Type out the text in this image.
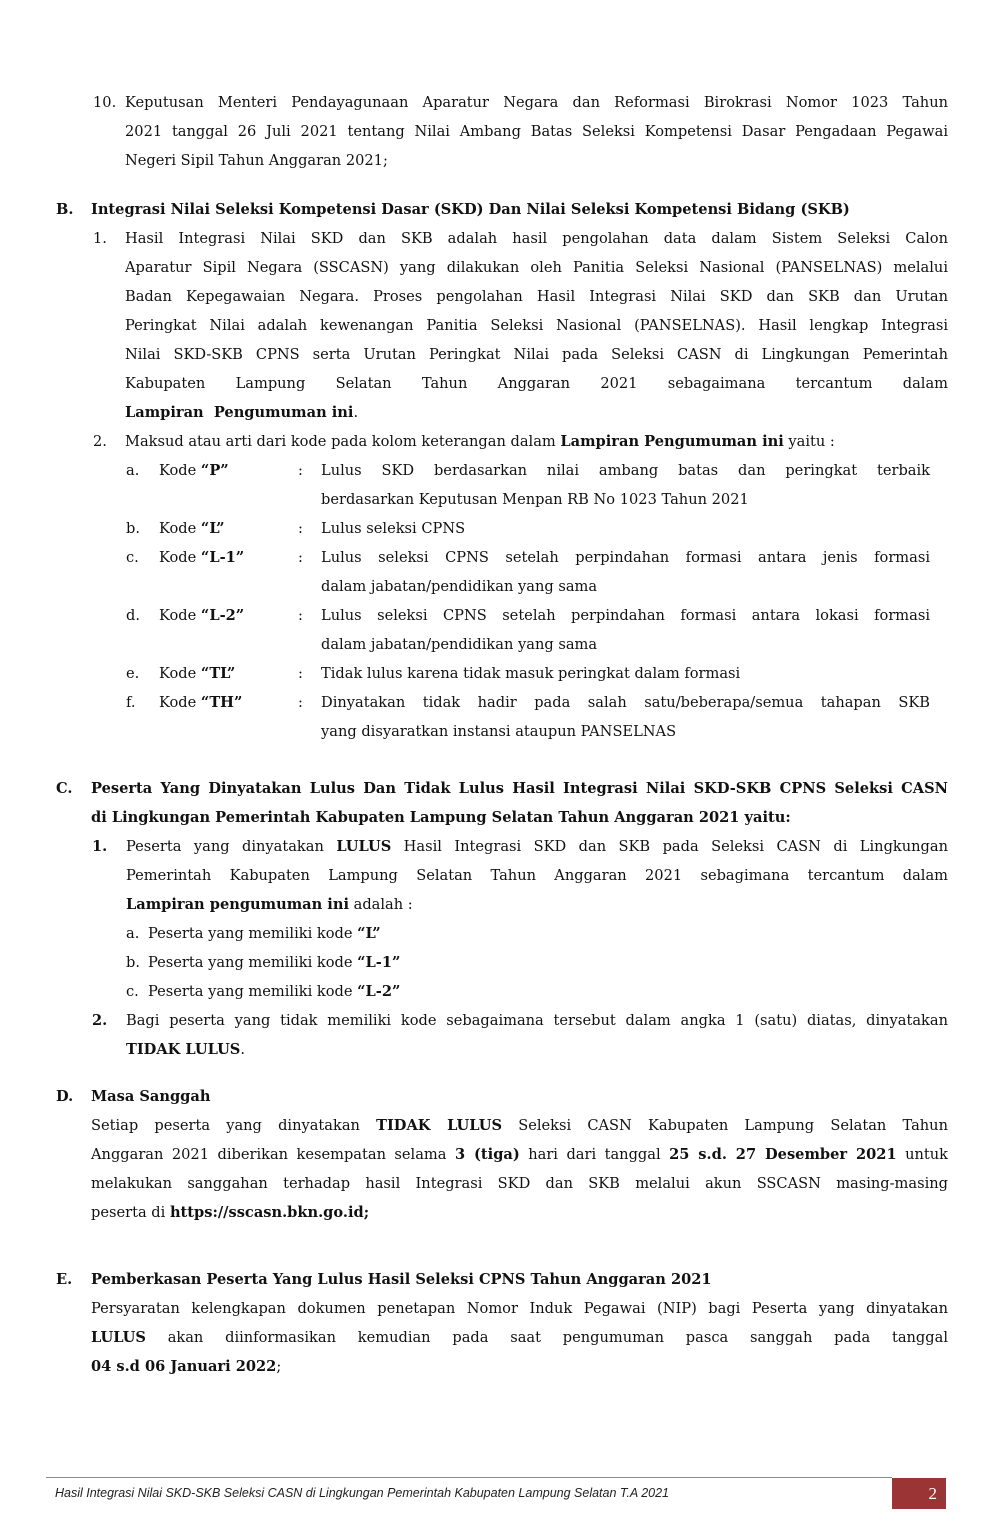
10. Keputusan Menteri Pendayagunaan Aparatur Negara dan Reformasi Birokrasi Nomor 1023 Tahun
2021 tanggal 26 Juli 2021 tentang Nilai Ambang Batas Seleksi Kompetensi Dasar Pengadaan Pegawai
Negeri Sipil Tahun Anggaran 2021;
B. Integrasi Nilai Seleksi Kompetensi Dasar (SKD) Dan Nilai Seleksi Kompetensi Bidang (SKB)
1. Hasil Integrasi Nilai SKD dan SKB adalah hasil pengolahan data dalam Sistem Seleksi Calon
Aparatur Sipil Negara (SSCASN) yang dilakukan oleh Panitia Seleksi Nasional (PANSELNAS) melalui
Badan Kepegawaian Negara. Proses pengolahan Hasil Integrasi Nilai SKD dan SKB dan Urutan
Peringkat Nilai adalah kewenangan Panitia Seleksi Nasional (PANSELNAS). Hasil lengkap Integrasi
Nilai SKD-SKB CPNS serta Urutan Peringkat Nilai pada Seleksi CASN di Lingkungan Pemerintah
Kabupaten Lampung Selatan Tahun Anggaran 2021 sebagaimana tercantum dalam
Lampiran  Pengumuman ini.
2. Maksud atau arti dari kode pada kolom keterangan dalam Lampiran Pengumuman ini yaitu :
a. Kode “P”	: Lulus SKD berdasarkan nilai ambang batas dan peringkat terbaik
berdasarkan Keputusan Menpan RB No 1023 Tahun 2021
b. Kode “L”	: Lulus seleksi CPNS
c. Kode “L-1”	: Lulus seleksi CPNS setelah perpindahan formasi antara jenis formasi
dalam jabatan/pendidikan yang sama
d. Kode “L-2”	: Lulus seleksi CPNS setelah perpindahan formasi antara lokasi formasi
dalam jabatan/pendidikan yang sama
e. Kode “TL”	: Tidak lulus karena tidak masuk peringkat dalam formasi
f. Kode “TH”	: Dinyatakan tidak hadir pada salah satu/beberapa/semua tahapan SKB
yang disyaratkan instansi ataupun PANSELNAS
C. Peserta Yang Dinyatakan Lulus Dan Tidak Lulus Hasil Integrasi Nilai SKD-SKB CPNS Seleksi CASN
di Lingkungan Pemerintah Kabupaten Lampung Selatan Tahun Anggaran 2021 yaitu:
1. Peserta yang dinyatakan LULUS Hasil Integrasi SKD dan SKB pada Seleksi CASN di Lingkungan
Pemerintah Kabupaten Lampung Selatan Tahun Anggaran 2021 sebagimana tercantum dalam
Lampiran pengumuman ini adalah :
a. Peserta yang memiliki kode “L”
b. Peserta yang memiliki kode “L-1”
c. Peserta yang memiliki kode “L-2”
2. Bagi peserta yang tidak memiliki kode sebagaimana tersebut dalam angka 1 (satu) diatas, dinyatakan
TIDAK LULUS.
D. Masa Sanggah
Setiap peserta yang dinyatakan TIDAK LULUS Seleksi CASN Kabupaten Lampung Selatan Tahun
Anggaran 2021 diberikan kesempatan selama 3 (tiga) hari dari tanggal 25 s.d. 27 Desember 2021 untuk
melakukan sanggahan terhadap hasil Integrasi SKD dan SKB melalui akun SSCASN masing-masing
peserta di https://sscasn.bkn.go.id;
E. Pemberkasan Peserta Yang Lulus Hasil Seleksi CPNS Tahun Anggaran 2021
Persyaratan kelengkapan dokumen penetapan Nomor Induk Pegawai (NIP) bagi Peserta yang dinyatakan
LULUS akan diinformasikan kemudian pada saat pengumuman pasca sanggah pada tanggal
04 s.d 06 Januari 2022;
Hasil Integrasi Nilai SKD-SKB Seleksi CASN di Lingkungan Pemerintah Kabupaten Lampung Selatan T.A 2021	2
